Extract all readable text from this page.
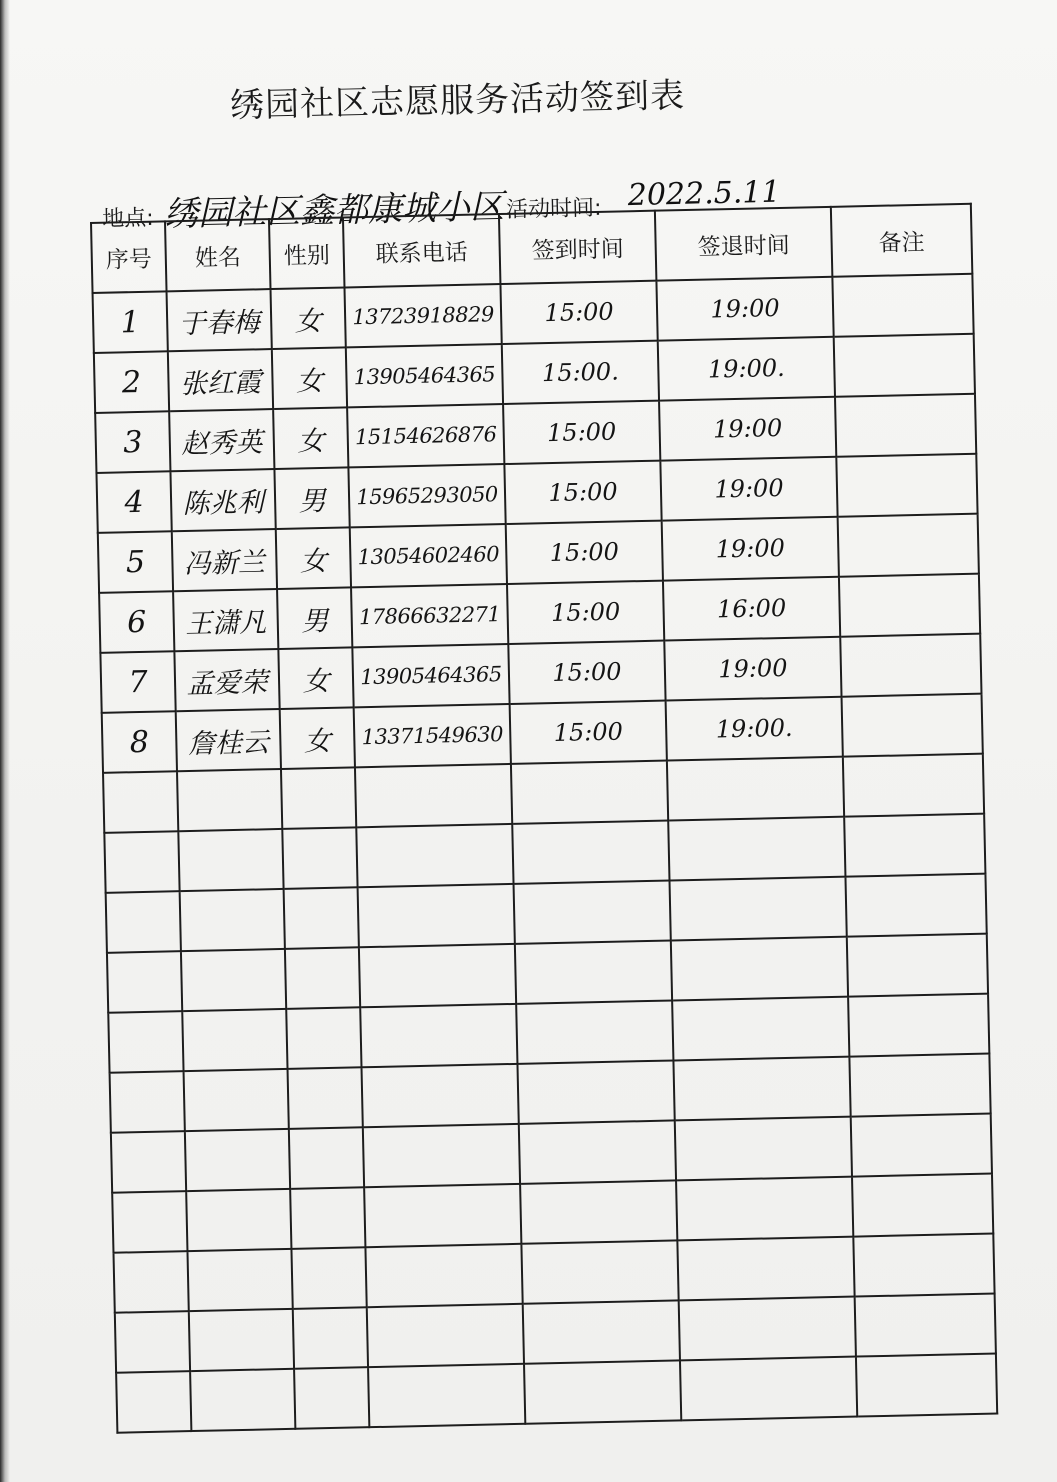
绣园社区志愿服务活动签到表
地点: 绣园社区鑫都康城小区 活动时间: 2022.5.11
序号	姓名	性别	联系电话	签到时间	签退时间	备注
1	于春梅	女	13723918829	15:00	19:00	
2	张红霞	女	13905464365	15:00.	19:00.	
3	赵秀英	女	15154626876	15:00	19:00	
4	陈兆利	男	15965293050	15:00	19:00	
5	冯新兰	女	13054602460	15:00	19:00	
6	王潇凡	男	17866632271	15:00	16:00	
7	孟爱荣	女	13905464365	15:00	19:00	
8	詹桂云	女	13371549630	15:00	19:00.	
